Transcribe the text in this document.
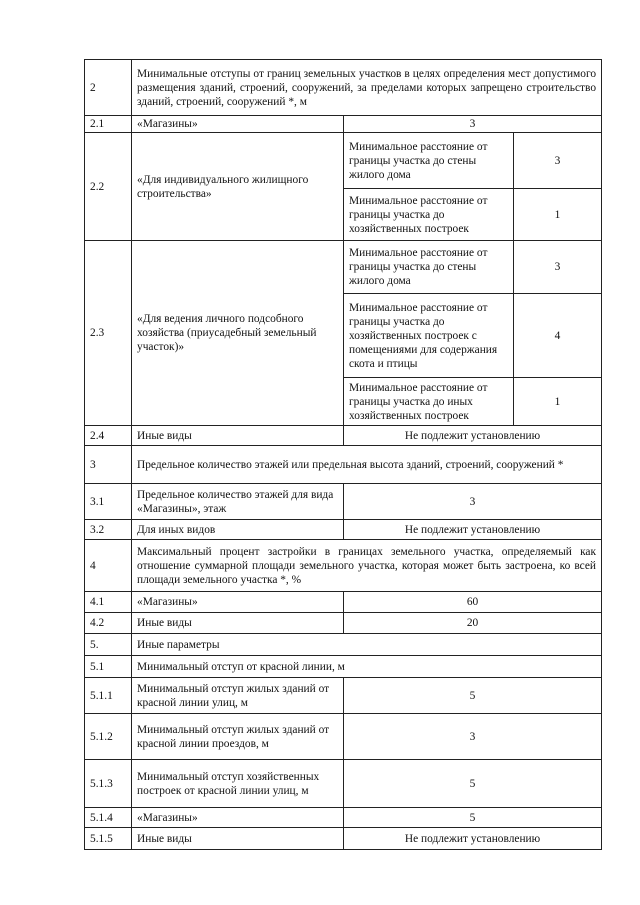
2	Минимальные отступы от границ земельных участков в целях определения мест допустимого размещения зданий, строений, сооружений, за пределами которых запрещено строительство зданий, строений, сооружений *, м		
2.1	«Магазины»	3	
2.2	«Для индивидуального жилищного строительства»	Минимальное расстояние от границы участка до стены жилого дома	3
		Минимальное расстояние от границы участка до хозяйственных построек	1
2.3	«Для ведения личного подсобного хозяйства (приусадебный земельный участок)»	Минимальное расстояние от границы участка до стены жилого дома	3
		Минимальное расстояние от границы участка до хозяйственных построек с помещениями для содержания скота и птицы	4
		Минимальное расстояние от границы участка до иных хозяйственных построек	1
2.4	Иные виды	Не подлежит установлению	
3	Предельное количество этажей или предельная высота зданий, строений, сооружений *		
3.1	Предельное количество этажей для вида «Магазины», этаж	3	
3.2	Для иных видов	Не подлежит установлению	
4	Максимальный процент застройки в границах земельного участка, определяемый как отношение суммарной площади земельного участка, которая может быть застроена, ко всей площади земельного участка *, %		
4.1	«Магазины»	60	
4.2	Иные виды	20	
5.	Иные параметры		
5.1	Минимальный отступ от красной линии, м		
5.1.1	Минимальный отступ жилых зданий от красной линии улиц, м	5	
5.1.2	Минимальный отступ жилых зданий от красной линии проездов, м	3	
5.1.3	Минимальный отступ хозяйственных построек от красной линии улиц, м	5	
5.1.4	«Магазины»	5	
5.1.5	Иные виды	Не подлежит установлению	
